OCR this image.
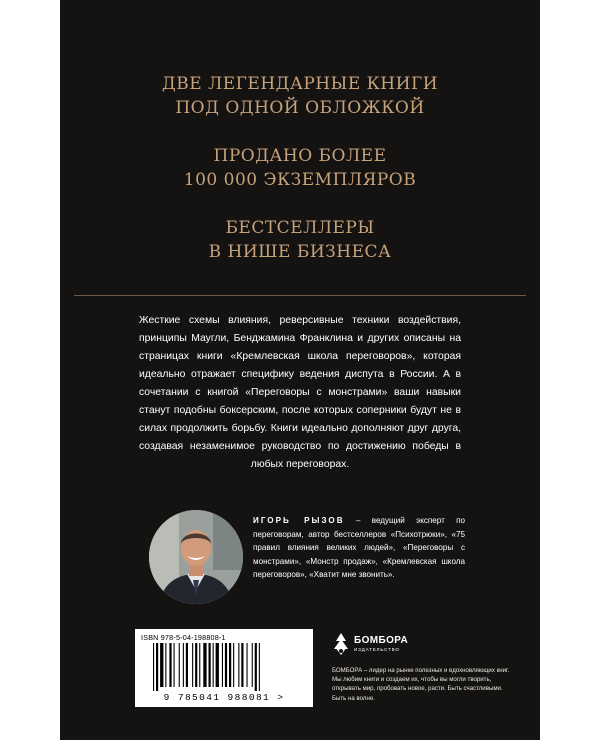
ДВЕ ЛЕГЕНДАРНЫЕ КНИГИ
ПОД ОДНОЙ ОБЛОЖКОЙ
ПРОДАНО БОЛЕЕ
100 000 ЭКЗЕМПЛЯРОВ
БЕСТСЕЛЛЕРЫ
В НИШЕ БИЗНЕСА

Жесткие схемы влияния, реверсивные техники воздействия, принципы Маугли, Бенджамина Франклина и других описаны на страницах книги «Кремлевская школа переговоров», которая идеально отражает специфику ведения диспута в России. А в сочетании с книгой «Переговоры с монстрами» ваши навыки станут подобны боксерским, после которых соперники будут не в силах продолжить борьбу. Книги идеально дополняют друг друга, создавая незаменимое руководство по достижению победы в любых переговорах.

ИГОРЬ РЫЗОВ – ведущий эксперт по переговорам, автор бестселлеров «Психотрюки», «75 правил влияния великих людей», «Переговоры с монстрами», «Монстр продаж», «Кремлевская школа переговоров», «Хватит мне звонить».

ISBN 978-5-04-198808-1
9 785041 988081 >
БОМБОРА
ИЗДАТЕЛЬСТВО

БОМБОРА – лидер на рынке полезных и вдохновляющих книг. Мы любим книги и создаем их, чтобы вы могли творить, открывать мир, пробовать новое, расти. Быть счастливыми. Быть на волне.
